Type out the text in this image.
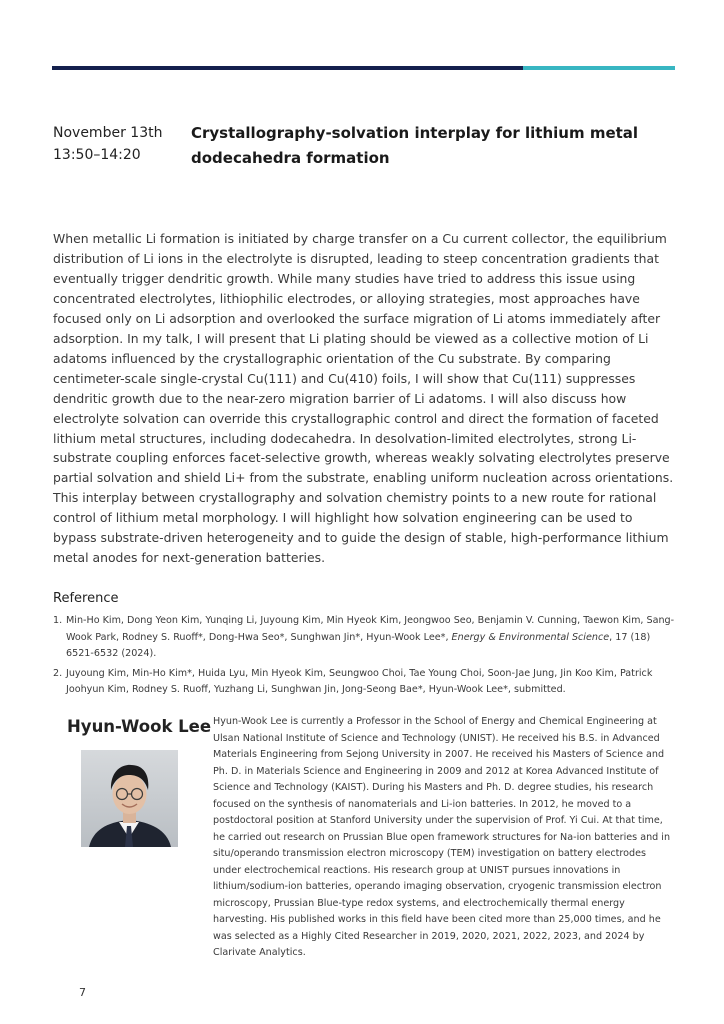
November 13th
13:50–14:20
Crystallography-solvation interplay for lithium metal dodecahedra formation

When metallic Li formation is initiated by charge transfer on a Cu current collector, the equilibrium distribution of Li ions in the electrolyte is disrupted, leading to steep concentration gradients that eventually trigger dendritic growth. While many studies have tried to address this issue using concentrated electrolytes, lithiophilic electrodes, or alloying strategies, most approaches have focused only on Li adsorption and overlooked the surface migration of Li atoms immediately after adsorption. In my talk, I will present that Li plating should be viewed as a collective motion of Li adatoms influenced by the crystallographic orientation of the Cu substrate. By comparing centimeter-scale single-crystal Cu(111) and Cu(410) foils, I will show that Cu(111) suppresses dendritic growth due to the near-zero migration barrier of Li adatoms. I will also discuss how electrolyte solvation can override this crystallographic control and direct the formation of faceted lithium metal structures, including dodecahedra. In desolvation-limited electrolytes, strong Li-substrate coupling enforces facet-selective growth, whereas weakly solvating electrolytes preserve partial solvation and shield Li+ from the substrate, enabling uniform nucleation across orientations. This interplay between crystallography and solvation chemistry points to a new route for rational control of lithium metal morphology. I will highlight how solvation engineering can be used to bypass substrate-driven heterogeneity and to guide the design of stable, high-performance lithium metal anodes for next-generation batteries.

Reference
1. Min-Ho Kim, Dong Yeon Kim, Yunqing Li, Juyoung Kim, Min Hyeok Kim, Jeongwoo Seo, Benjamin V. Cunning, Taewon Kim, Sang-Wook Park, Rodney S. Ruoff*, Dong-Hwa Seo*, Sunghwan Jin*, Hyun-Wook Lee*, Energy & Environmental Science, 17 (18) 6521-6532 (2024).
2. Juyoung Kim, Min-Ho Kim*, Huida Lyu, Min Hyeok Kim, Seungwoo Choi, Tae Young Choi, Soon-Jae Jung, Jin Koo Kim, Patrick Joohyun Kim, Rodney S. Ruoff, Yuzhang Li, Sunghwan Jin, Jong-Seong Bae*, Hyun-Wook Lee*, submitted.
Hyun-Wook Lee Hyun-Wook Lee is currently a Professor in the School of Energy and Chemical Engineering at Ulsan National Institute of Science and Technology (UNIST). He received his B.S. in Advanced Materials Engineering from Sejong University in 2007. He received his Masters of Science and Ph. D. in Materials Science and Engineering in 2009 and 2012 at Korea Advanced Institute of Science and Technology (KAIST). During his Masters and Ph. D. degree studies, his research focused on the synthesis of nanomaterials and Li-ion batteries. In 2012, he moved to a postdoctoral position at Stanford University under the supervision of Prof. Yi Cui. At that time, he carried out research on Prussian Blue open framework structures for Na-ion batteries and in situ/operando transmission electron microscopy (TEM) investigation on battery electrodes under electrochemical reactions. His research group at UNIST pursues innovations in lithium/sodium-ion batteries, operando imaging observation, cryogenic transmission electron microscopy, Prussian Blue-type redox systems, and electrochemically thermal energy harvesting. His published works in this field have been cited more than 25,000 times, and he was selected as a Highly Cited Researcher in 2019, 2020, 2021, 2022, 2023, and 2024 by Clarivate Analytics.

7
